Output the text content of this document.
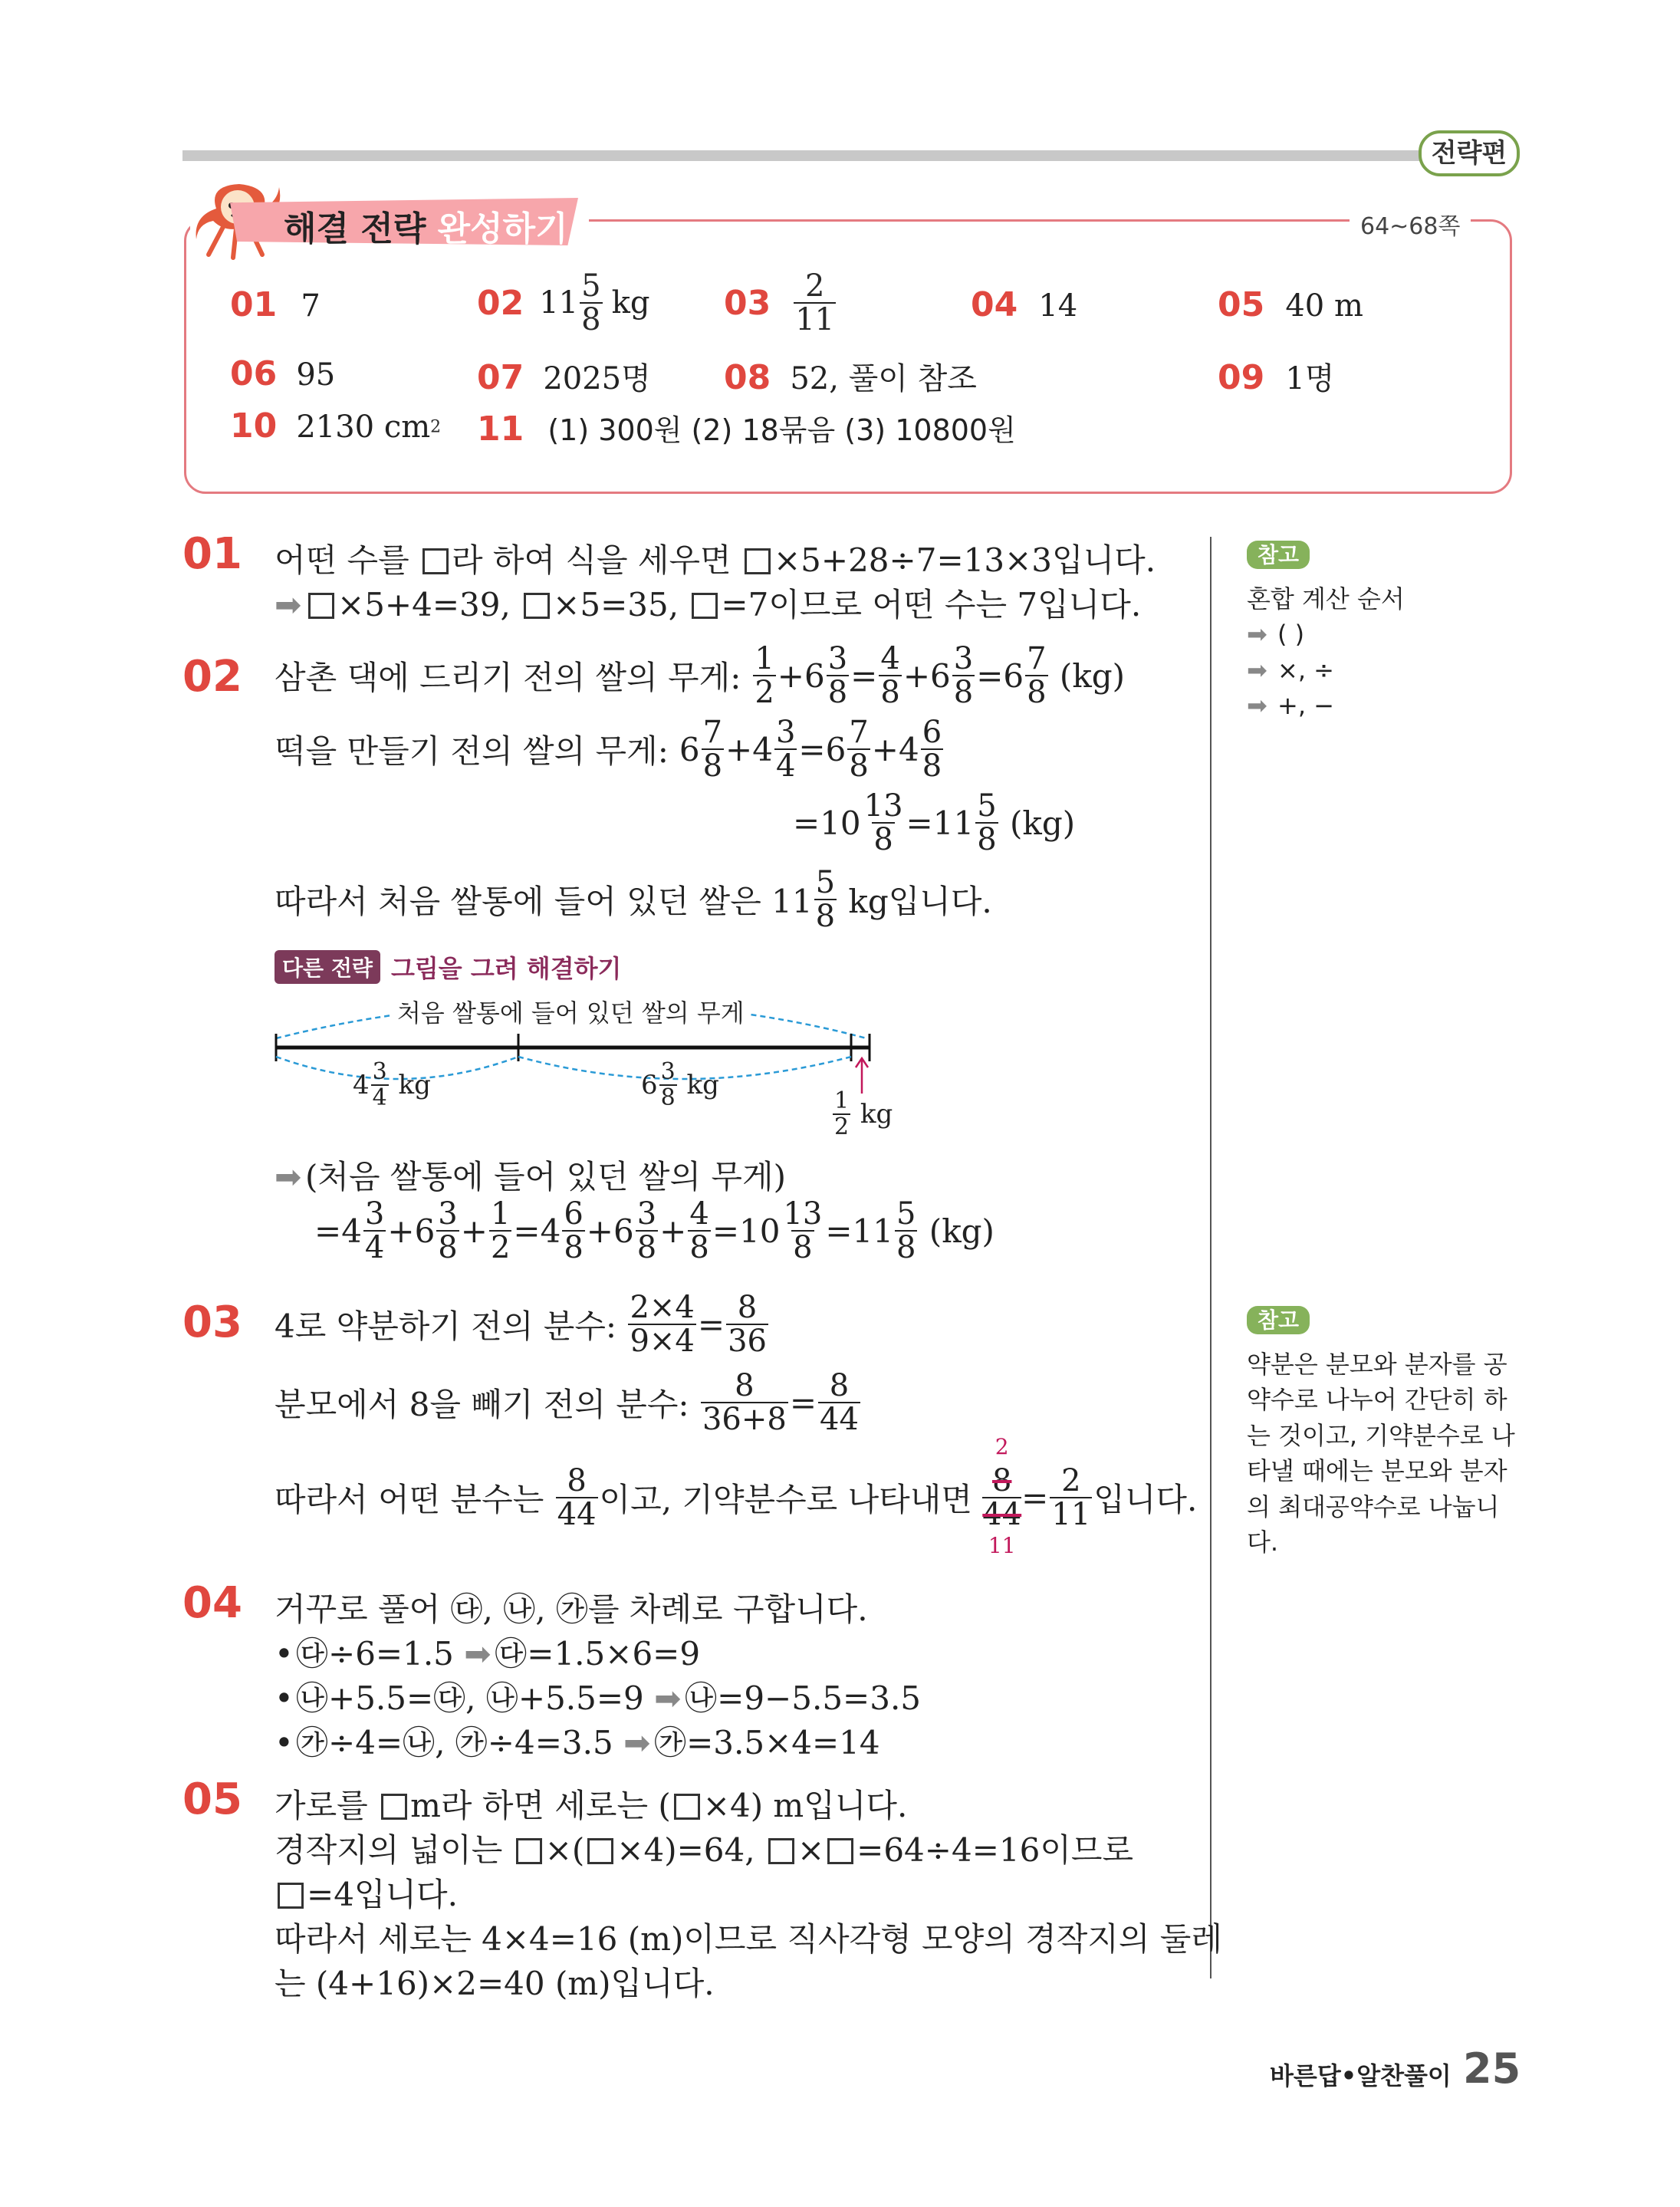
전략편
64~68쪽
해결 전략 완성하기
01 7	02 $11 \frac{5}{8}$ kg $03 \frac{2}{11}$	04 14	05 40 m
06 95	07 2025명 08 52, 풀이 참조	09 1명
10 2130 $cm^2$ 11 (1) 300원 (2) 18묶음 (3) 10800원
01 어떤 수를 라 하여 식을 세우면 ×5+28÷7=13×3입니다.
➡ ×5+4=39, ×5=35, =7이므로 어떤 수는 7입니다.
02 삼촌 댁에 드리기 전의 쌀의 무게: $\frac{1}{2} +6 \frac{3}{8} = \frac{4}{8} +6 \frac{3}{8} =6 \frac{7}{8} (kg)$
떡을 만들기 전의 쌀의 무게: $6 \frac{7}{8} +4 \frac{3}{4} =6 \frac{7}{8} +4 \frac{6}{8}$
$=10 \frac{13}{8} =11 \frac{5}{8} (kg)$
따라서 처음 쌀통에 들어 있던 쌀은 $11 \frac{5}{8}$
kg입니다.
다른 전략 그림을 그려 해결하기
처음 쌀통에 들어 있던 쌀의 무게
$4 \frac{3}{4}$
kg	$6 \frac{3}{8}$
kg
$\frac{1}{2}$
kg
➡ (처음 쌀통에 들어 있던 쌀의 무게)
$=4 \frac{3}{4} +6 \frac{3}{8} + \frac{1}{2} =4 \frac{6}{8} +6 \frac{3}{8} + \frac{4}{8} =10 \frac{13}{8} =11 \frac{5}{8} (kg)$
03 4로 약분하기 전의 분수:
$\frac{2\times 4}{9\times 4} = \frac{8}{36}$
분모에서 8을 빼기 전의 분수:
$\frac{8}{36+8} = \frac{8}{44}$
따라서 어떤 분수는
$\frac{8}{44}$ 이고, 기약분수로 나타내면

2
8
44
11
= $\frac{2}{11}$ 입니다.
04 거꾸로 풀어 ㉰, ㉯, ㉮를 차례로 구합니다.
•㉰÷6=1.5 ➡ ㉰=1.5×6=9
•㉯+5.5=㉰, ㉯+5.5=9 ➡ ㉯=9−5.5=3.5
•㉮÷4=㉯, ㉮÷4=3.5 ➡ ㉮=3.5×4=14
05 가로를 m라 하면 세로는 ( ×4) m입니다.
경작지의 넓이는 ×( ×4)=64, × =64÷4=16이므로
=4입니다.
따라서 세로는 4×4=16 (m)이므로 직사각형 모양의 경작지의 둘레
는 (4+16)×2=40 (m)입니다.
참고
혼합 계산 순서
➡ ( )
➡ ×, ÷
➡ +, −
참고
약분은 분모와 분자를 공
약수로 나누어 간단히 하
는 것이고, 기약분수로 나
타낼 때에는 분모와 분자
의 최대공약수로 나눕니
다.
바른답•알찬풀이 25
